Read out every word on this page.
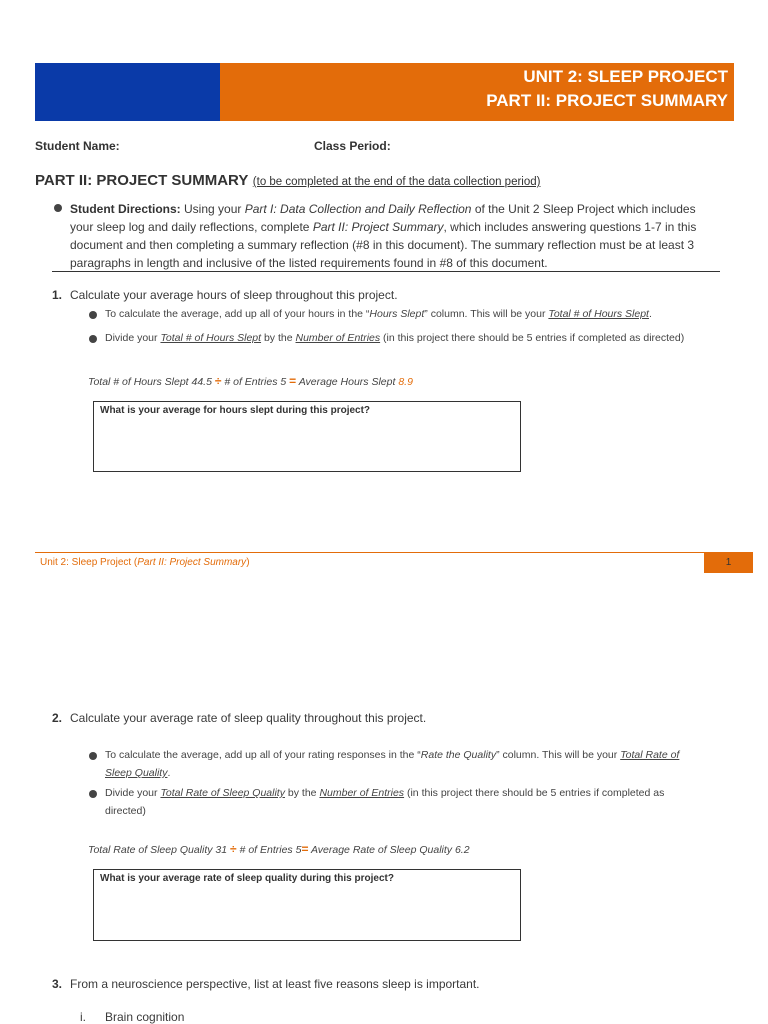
UNIT 2: SLEEP PROJECT
PART II: PROJECT SUMMARY
Student Name:	Class Period:
PART II: PROJECT SUMMARY (to be completed at the end of the data collection period)
Student Directions: Using your Part I: Data Collection and Daily Reflection of the Unit 2 Sleep Project which includes your sleep log and daily reflections, complete Part II: Project Summary, which includes answering questions 1-7 in this document and then completing a summary reflection (#8 in this document). The summary reflection must be at least 3 paragraphs in length and inclusive of the listed requirements found in #8 of this document.
1. Calculate your average hours of sleep throughout this project.
To calculate the average, add up all of your hours in the “Hours Slept” column. This will be your Total # of Hours Slept.
Divide your Total # of Hours Slept by the Number of Entries (in this project there should be 5 entries if completed as directed)
Total # of Hours Slept 44.5 ÷ # of Entries 5 = Average Hours Slept 8.9
What is your average for hours slept during this project?
Unit 2: Sleep Project (Part II: Project Summary)	1
2. Calculate your average rate of sleep quality throughout this project.
To calculate the average, add up all of your rating responses in the “Rate the Quality” column. This will be your Total Rate of
Sleep Quality.
Divide your Total Rate of Sleep Quality by the Number of Entries (in this project there should be 5 entries if completed as
directed)
Total Rate of Sleep Quality 31 ÷ # of Entries 5= Average Rate of Sleep Quality 6.2
What is your average rate of sleep quality during this project?
3. From a neuroscience perspective, list at least five reasons sleep is important.
i. Brain cognition
